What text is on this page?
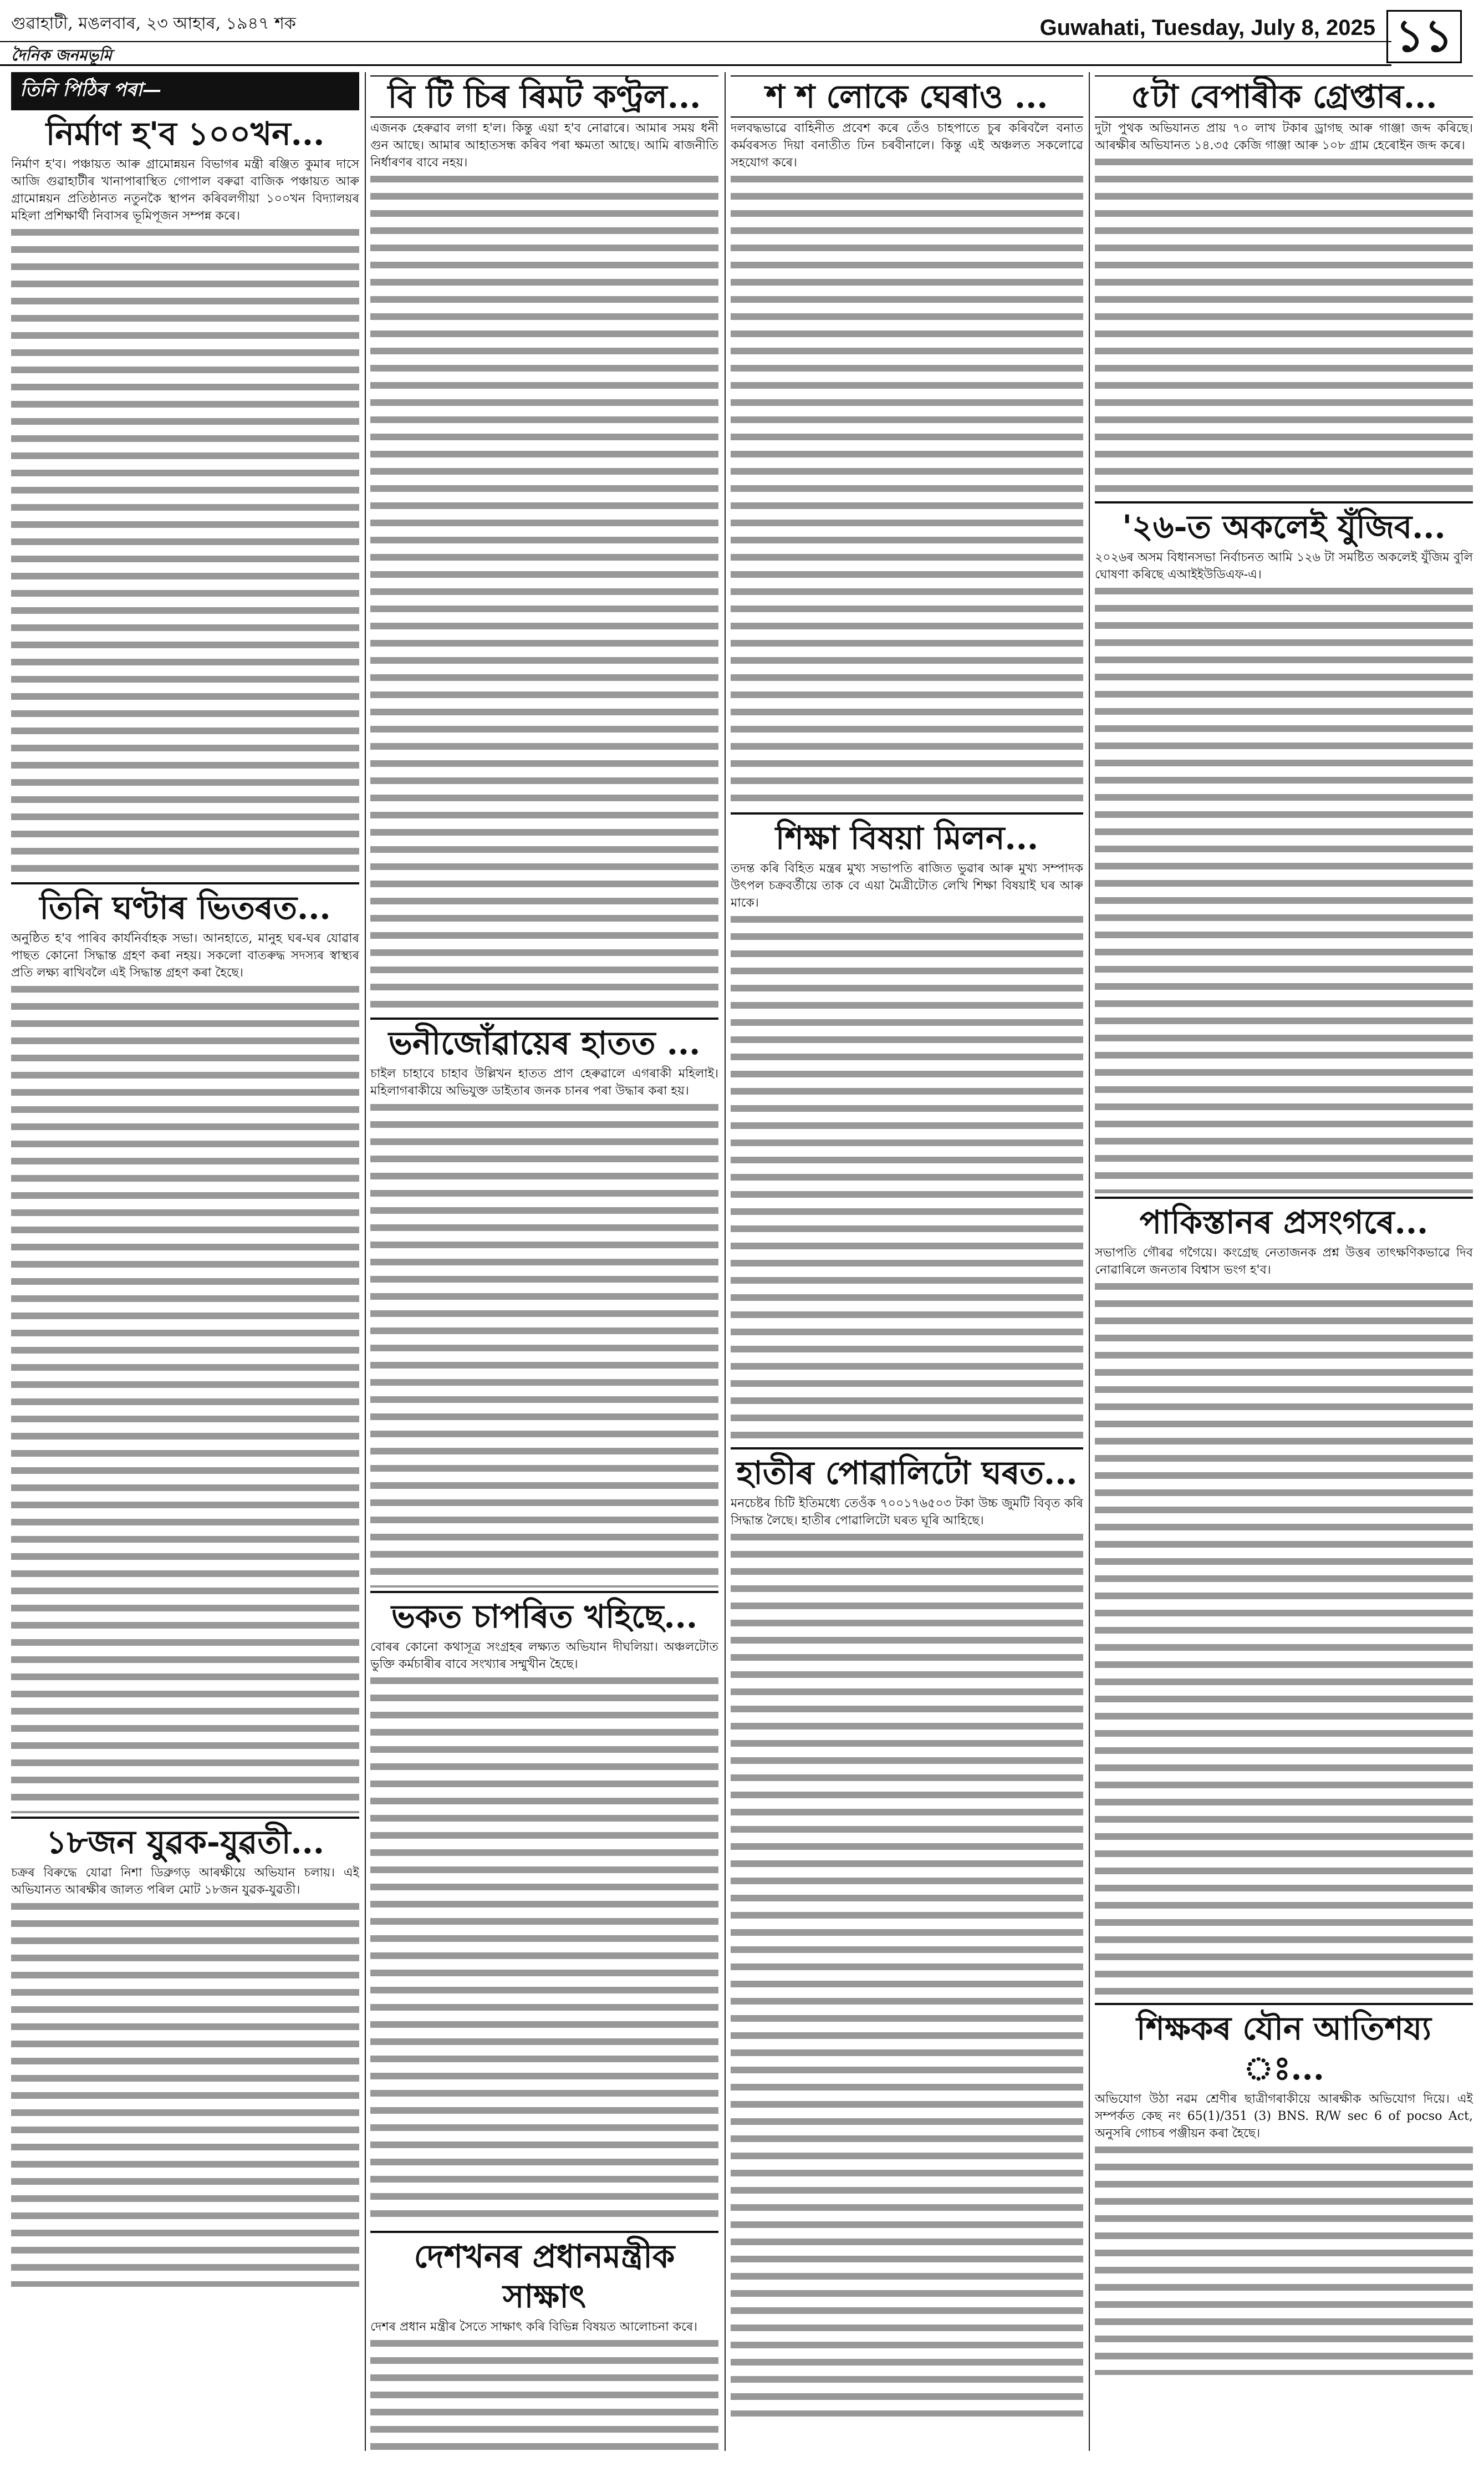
গুৱাহাটী, মঙলবাৰ, ২৩ আহাৰ, ১৯৪৭ শক	Guwahati, Tuesday, July 8, 2025 ১১
দৈনিক জনমভূমি
তিনি পিঠিৰ পৰা—
নিৰ্মাণ হ'ব ১০০খন...

নিৰ্মাণ হ'ব। পঞ্চায়ত আৰু গ্ৰামোন্নয়ন বিভাগৰ মন্ত্ৰী ৰঞ্জিত কুমাৰ দাসে আজি গুৱাহাটীৰ খানাপাৰাস্থিত গোপাল বৰুৱা বাজিক পঞ্চায়ত আৰু গ্ৰামোন্নয়ন প্ৰতিষ্ঠানত নতুনকৈ স্থাপন কৰিবলগীয়া ১০০খন বিদ্যালয়ৰ মহিলা প্ৰশিক্ষাৰ্থী নিবাসৰ ভূমিপূজন সম্পন্ন কৰে।

তিনি ঘণ্টাৰ ভিতৰত...

অনুষ্ঠিত হ'ব পাৰিব কাৰ্যনিৰ্বাহক সভা। আনহাতে, মানুহ ঘৰ-ঘৰ যোৱাৰ পাছত কোনো সিদ্ধান্ত গ্ৰহণ কৰা নহয়। সকলো বাতৰুদ্ধ সদস্যৰ স্বাস্থ্যৰ প্ৰতি লক্ষ্য ৰাখিবলৈ এই সিদ্ধান্ত গ্ৰহণ কৰা হৈছে।

১৮জন যুৱক-যুৱতী...

চক্ৰৰ বিৰুদ্ধে যোৱা নিশা ডিব্ৰুগড় আৰক্ষীয়ে অভিযান চলায়। এই অভিযানত আৰক্ষীৰ জালত পৰিল মোট ১৮জন যুৱক-যুৱতী।

বি টি চিৰ ৰিমট কণ্ট্ৰল...

এজনক হেৰুৱাব লগা হ'ল। কিন্তু এয়া হ'ব নোৱাৰে। আমাৰ সময় ধনী গুন আছে। আমাৰ আহাতসন্ধ কৰিব পৰা ক্ষমতা আছে। আমি ৰাজনীতি নিৰ্ধাৰণৰ বাবে নহয়।

ভনীজোঁৱায়েৰ হাতত ...

চাইল চাহাবে চাহাব উল্লিখন হাতত প্ৰাণ হেৰুৱালে এগৰাকী মহিলাই। মহিলাগৰাকীয়ে অভিযুক্ত ডাইতাৰ জনক চানৰ পৰা উদ্ধাৰ কৰা হয়।

ভকত চাপৰিত খহিছে...

বোৰৰ কোনো কথাসূত্ৰ সংগ্ৰহৰ লক্ষ্যত অভিযান দীঘলিয়া। অঞ্চলটোত ভুক্তি কৰ্মচাৰীৰ বাবে সংখ্যাৰ সম্মুখীন হৈছে।

দেশখনৰ প্ৰধানমন্ত্ৰীক সাক্ষাৎ

দেশৰ প্ৰধান মন্ত্ৰীৰ সৈতে সাক্ষাৎ কৰি বিভিন্ন বিষয়ত আলোচনা কৰে।

শ শ লোকে ঘেৰাও ...

দলবদ্ধভাৱে বাহিনীত প্ৰবেশ কৰে তেঁও চাহপাতে চুৰ কৰিবলৈ বনাত কৰ্মবৰসত দিয়া বনাতীত ঢিন চৰবীনালে। কিন্তু এই অঞ্চলত সকলোৱে সহযোগ কৰে।

শিক্ষা বিষয়া মিলন...

তদন্ত কৰি বিহিত মন্ত্ৰৰ মুখ্য সভাপতি ৰাজিত ভুৱাৰ আৰু মুখ্য সম্পাদক উৎপল চক্ৰবৰ্তীয়ে তাক বে এয়া মৈত্ৰীটোত লেখি শিক্ষা বিষয়াই ঘৰ আৰু মাকে।

হাতীৰ পোৱালিটো ঘৰত...

মনচেষ্টৰ চিটি ইতিমধ্যে তেওঁক ৭০০১৭৬৫০৩ টকা উচ্চ জুমটি বিবৃত কৰি সিদ্ধান্ত লৈছে। হাতীৰ পোৱালিটো ঘৰত ঘূৰি আহিছে।

৫টা বেপাৰীক গ্ৰেপ্তাৰ...

দুটা পুথক অভিযানত প্ৰায় ৭০ লাখ টকাৰ ড্ৰাগছ আৰু গাঞ্জা জব্দ কৰিছে। আৰক্ষীৰ অভিযানত ১৪.৩৫ কেজি গাঞ্জা আৰু ১০৮ গ্ৰাম হেৰোইন জব্দ কৰে।

'২৬-ত অকলেই যুঁজিব...

২০২৬ৰ অসম বিধানসভা নিৰ্বাচনত আমি ১২৬ টা সমষ্টিত অকলেই যুঁজিম বুলি ঘোষণা কৰিছে এআইইউডিএফ-এ।

পাকিস্তানৰ প্ৰসংগৰে...

সভাপতি গৌৰৱ গগৈয়ে। কংগ্ৰেছ নেতাজনক প্ৰশ্ন উত্তৰ তাৎক্ষণিকভাৱে দিব নোৱাৰিলে জনতাৰ বিশ্বাস ভংগ হ'ব।

শিক্ষকৰ যৌন আতিশয্য ঃ...

অভিযোগ উঠা নৱম শ্ৰেণীৰ ছাত্ৰীগৰাকীয়ে আৰক্ষীক অভিযোগ দিয়ে। এই সম্পৰ্কত কেছ নং 65(1)/351 (3) BNS. R/W sec 6 of pocso Act, অনুসৰি গোচৰ পঞ্জীয়ন কৰা হৈছে।
